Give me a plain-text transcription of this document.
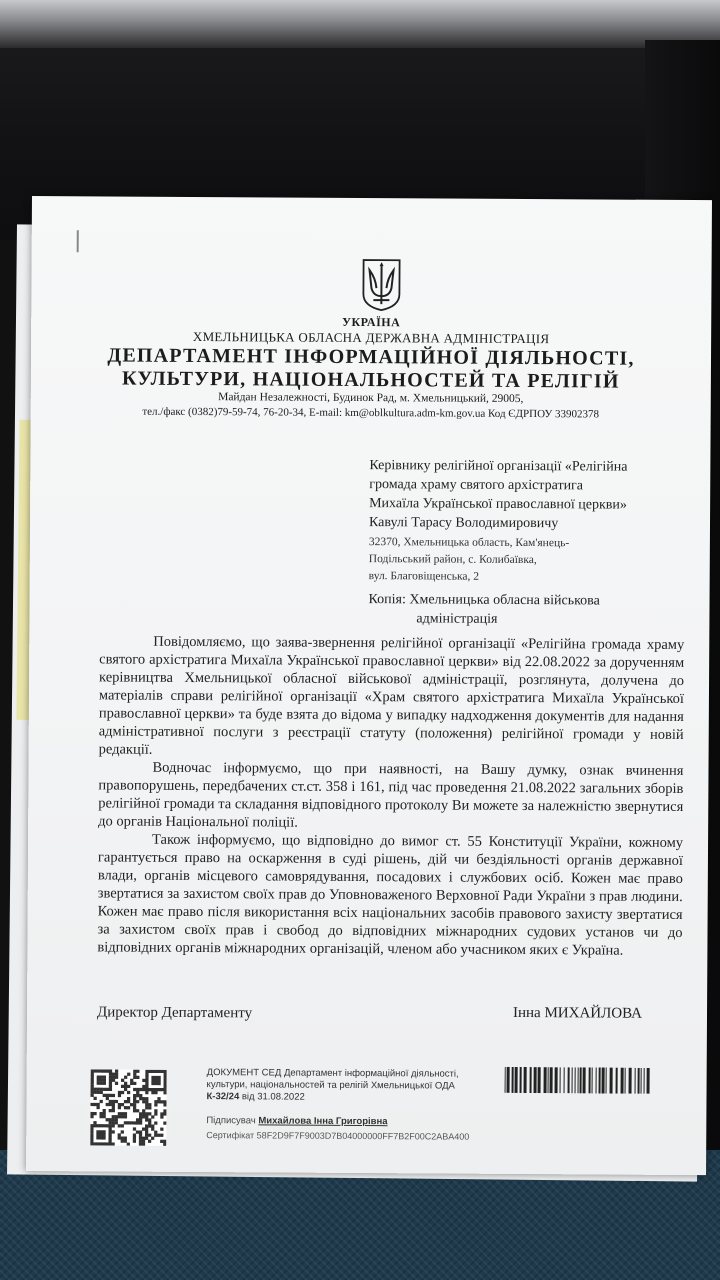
УКРАЇНА
ХМЕЛЬНИЦЬКА ОБЛАСНА ДЕРЖАВНА АДМІНІСТРАЦІЯ
ДЕПАРТАМЕНТ ІНФОРМАЦІЙНОЇ ДІЯЛЬНОСТІ,
КУЛЬТУРИ, НАЦІОНАЛЬНОСТЕЙ ТА РЕЛІГІЙ
Майдан Незалежності, Будинок Рад, м. Хмельницький, 29005,
тел./факс (0382)79-59-74, 76-20-34, E-mail: km@oblkultura.adm-km.gov.ua Код ЄДРПОУ 33902378
Керівнику релігійної організації «Релігійна
громада храму святого архістратига
Михаїла Української православної церкви»
Кавулі Тарасу Володимировичу
32370, Хмельницька область, Кам'янець-
Подільський район, с. Колибаївка,
вул. Благовіщенська, 2
Копія: Хмельницька обласна військова
адміністрація

Повідомляємо, що заява-звернення релігійної організації «Релігійна громада храму святого архістратига Михаїла Української православної церкви» від 22.08.2022 за дорученням керівництва Хмельницької обласної військової адміністрації, розглянута, долучена до матеріалів справи релігійної організації «Храм святого архістратига Михаїла Української православної церкви» та буде взята до відома у випадку надходження документів для надання адміністративної послуги з реєстрації статуту (положення) релігійної громади у новій редакції.

Водночас інформуємо, що при наявності, на Вашу думку, ознак вчинення правопорушень, передбачених ст.ст. 358 і 161, під час проведення 21.08.2022 загальних зборів релігійної громади та складання відповідного протоколу Ви можете за належністю звернутися до органів Національної поліції.

Також інформуємо, що відповідно до вимог ст. 55 Конституції України, кожному гарантується право на оскарження в суді рішень, дій чи бездіяльності органів державної влади, органів місцевого самоврядування, посадових і службових осіб. Кожен має право звертатися за захистом своїх прав до Уповноваженого Верховної Ради України з прав людини. Кожен має право після використання всіх національних засобів правового захисту звертатися за захистом своїх прав і свобод до відповідних міжнародних судових установ чи до відповідних органів міжнародних організацій, членом або учасником яких є Україна.

Директор Департаменту	Інна МИХАЙЛОВА
ДОКУМЕНТ СЕД Департамент інформаційної діяльності,
культури, національностей та релігій Хмельницької ОДА
К-32/24 від 31.08.2022
Підписувач Михайлова Інна Григорівна
Сертифікат 58F2D9F7F9003D7B04000000FF7B2F00C2ABA400
